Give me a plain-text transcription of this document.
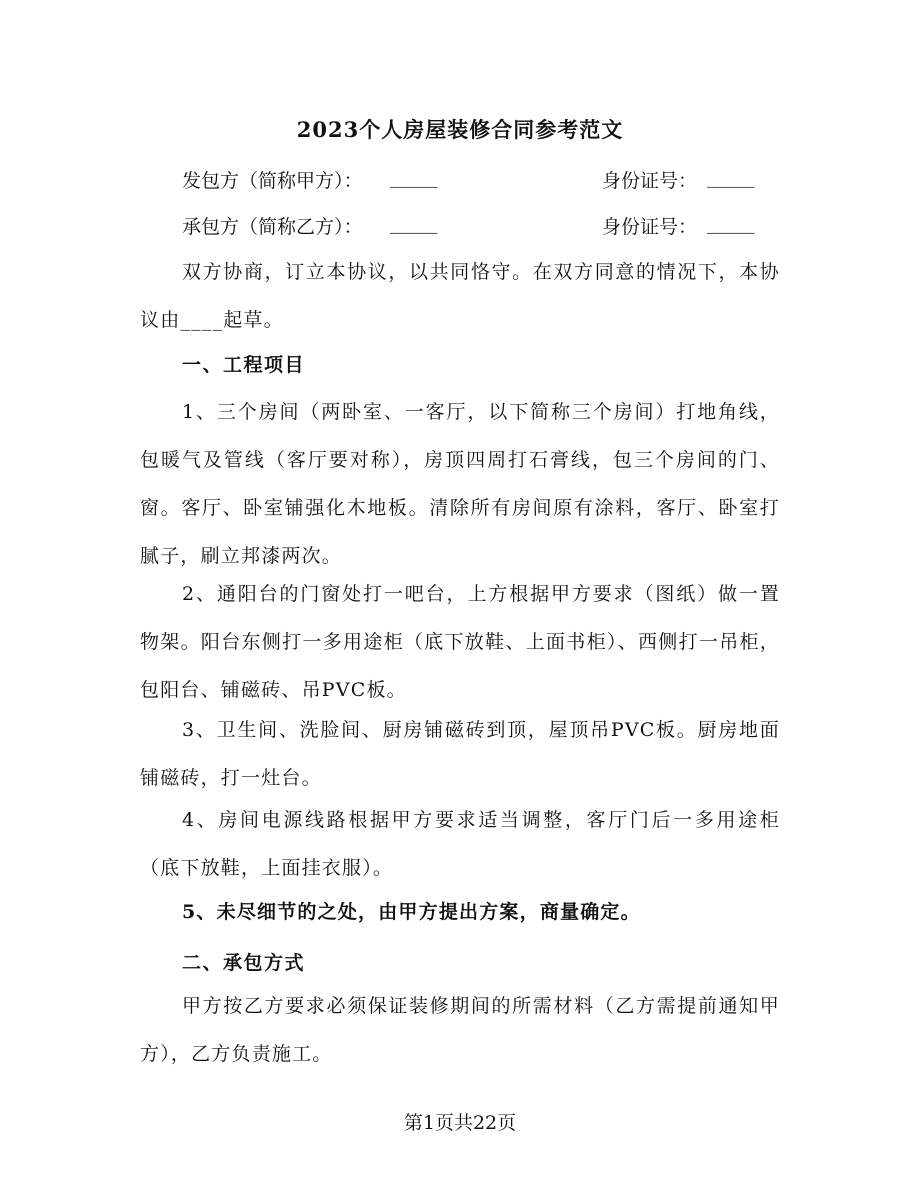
2023个人房屋装修合同参考范文
发包方（简称甲方）： _____	身份证号： _____
承包方（简称乙方）： _____	身份证号： _____
双方协商，订立本协议，以共同恪守。在双方同意的情况下，本协议由____起草。
一、工程项目
1、三个房间（两卧室、一客厅，以下简称三个房间）打地角线，包暖气及管线（客厅要对称），房顶四周打石膏线，包三个房间的门、窗。客厅、卧室铺强化木地板。清除所有房间原有涂料，客厅、卧室打腻子，刷立邦漆两次。
2、通阳台的门窗处打一吧台，上方根据甲方要求（图纸）做一置物架。阳台东侧打一多用途柜（底下放鞋、上面书柜）、西侧打一吊柜，包阳台、铺磁砖、吊PVC板。
3、卫生间、洗脸间、厨房铺磁砖到顶，屋顶吊PVC板。厨房地面铺磁砖，打一灶台。
4、房间电源线路根据甲方要求适当调整，客厅门后一多用途柜（底下放鞋，上面挂衣服）。
5、未尽细节的之处，由甲方提出方案，商量确定。
二、承包方式
甲方按乙方要求必须保证装修期间的所需材料（乙方需提前通知甲方），乙方负责施工。
第1页共22页
